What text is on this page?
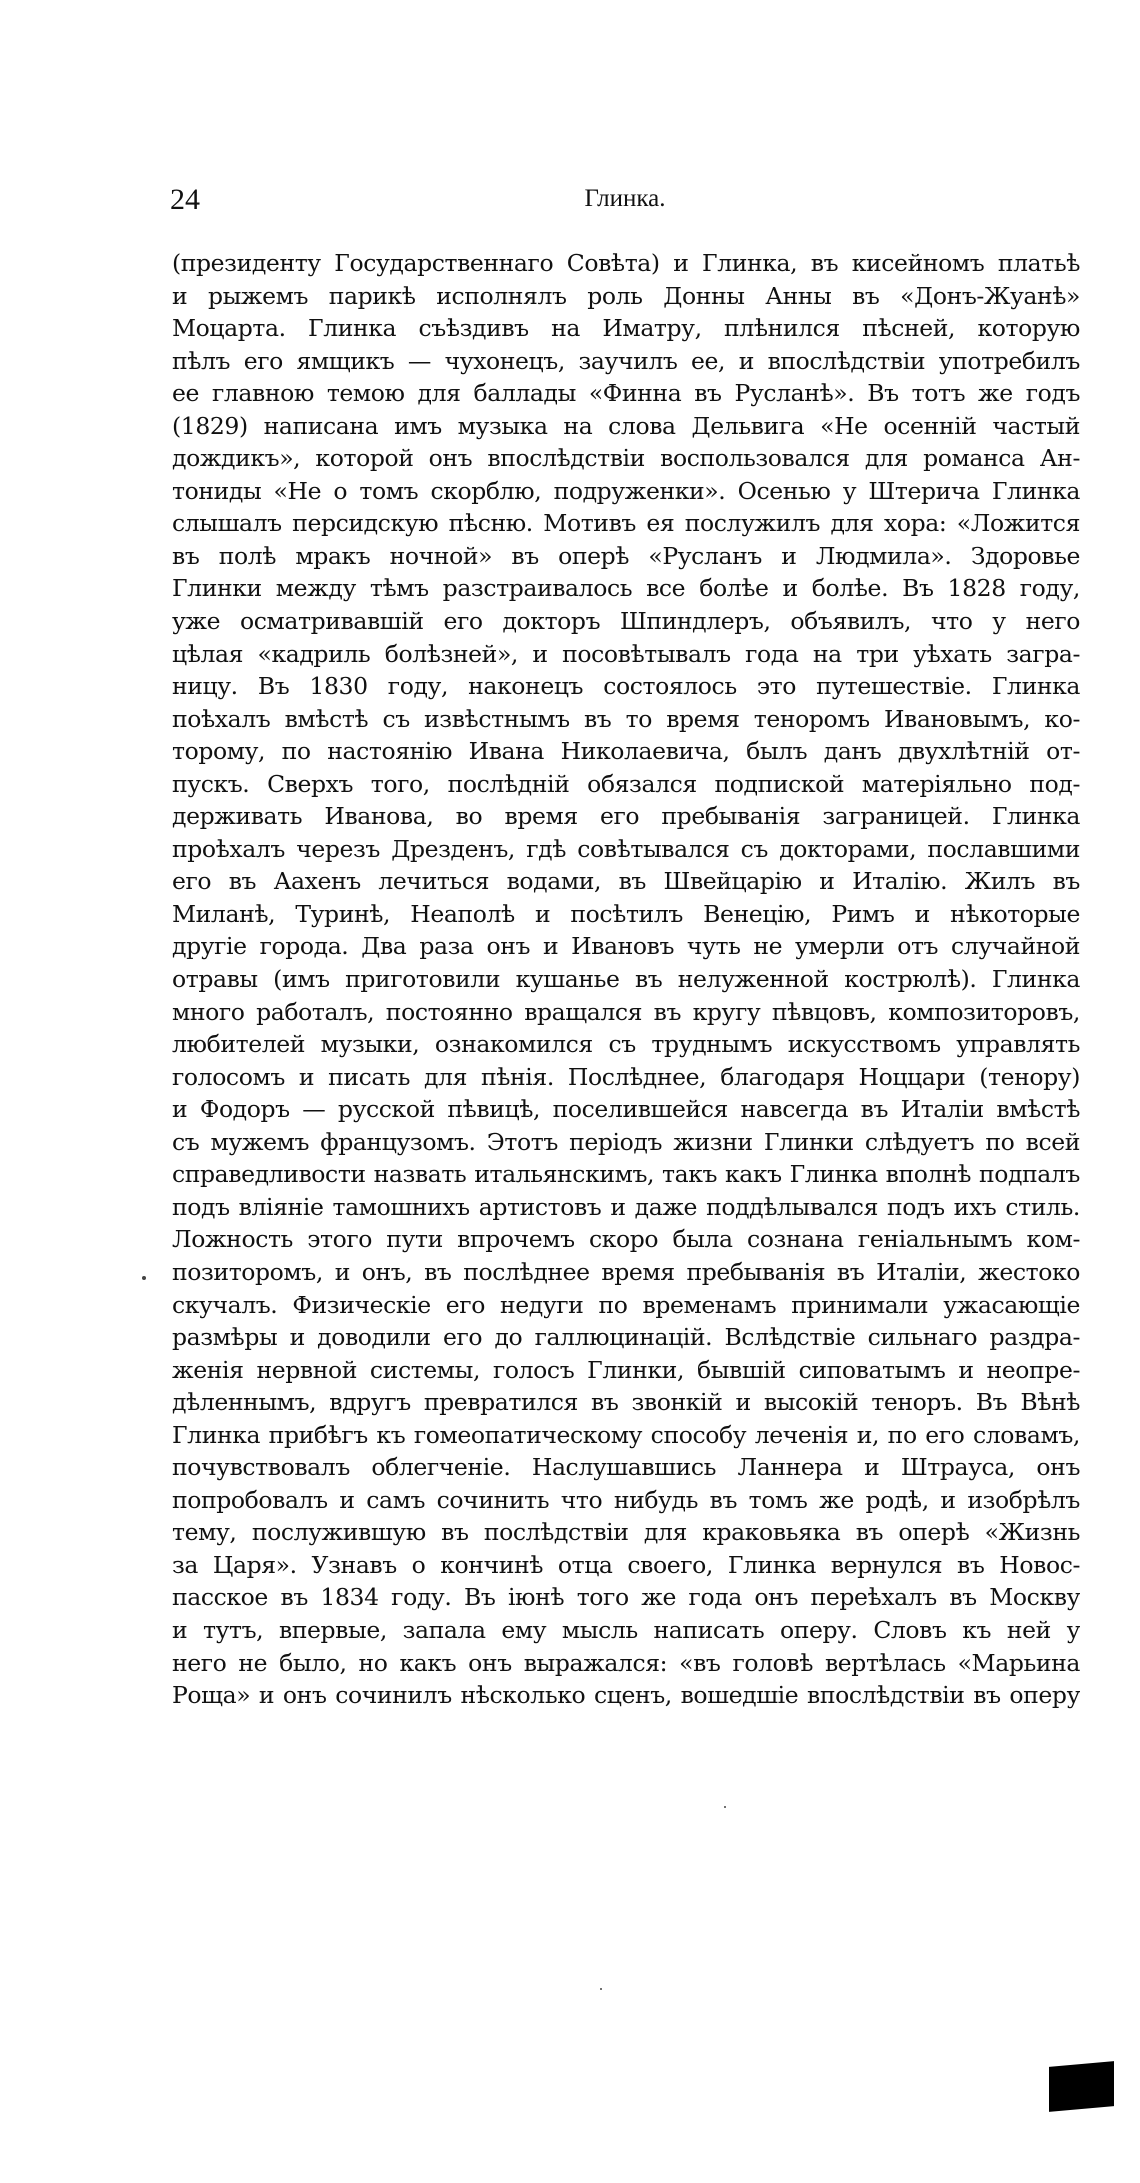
24	Глинка.
(президенту Государственнаго Совѣта) и Глинка, въ кисейномъ платьѣ
и рыжемъ парикѣ исполнялъ роль Донны Анны въ «Донъ-Жуанѣ»
Моцарта. Глинка съѣздивъ на Иматру, плѣнился пѣсней, которую
пѣлъ его ямщикъ — чухонецъ, заучилъ ее, и впослѣдствіи употребилъ
ее главною темою для баллады «Финна въ Русланѣ». Въ тотъ же годъ
(1829) написана имъ музыка на слова Дельвига «Не осенній частый
дождикъ», которой онъ впослѣдствіи воспользовался для романса Ан-
тониды «Не о томъ скорблю, подруженки». Осенью у Штерича Глинка
слышалъ персидскую пѣсню. Мотивъ ея послужилъ для хора: «Ложится
въ полѣ мракъ ночной» въ оперѣ «Русланъ и Людмила». Здоровье
Глинки между тѣмъ разстраивалось все болѣе и болѣе. Въ 1828 году,
уже осматривавшій его докторъ Шпиндлеръ, объявилъ, что у него
цѣлая «кадриль болѣзней», и посовѣтывалъ года на три уѣхать загра-
ницу. Въ 1830 году, наконецъ состоялось это путешествіе. Глинка
поѣхалъ вмѣстѣ съ извѣстнымъ въ то время теноромъ Ивановымъ, ко-
торому, по настоянію Ивана Николаевича, былъ данъ двухлѣтній от-
пускъ. Сверхъ того, послѣдній обязался подпиской матеріяльно под-
держивать Иванова, во время его пребыванія заграницей. Глинка
проѣхалъ черезъ Дрезденъ, гдѣ совѣтывался съ докторами, пославшими
его въ Аахенъ лечиться водами, въ Швейцарію и Италію. Жилъ въ
Миланѣ, Туринѣ, Неаполѣ и посѣтилъ Венецію, Римъ и нѣкоторые
другіе города. Два раза онъ и Ивановъ чуть не умерли отъ случайной
отравы (имъ приготовили кушанье въ нелуженной кострюлѣ). Глинка
много работалъ, постоянно вращался въ кругу пѣвцовъ, композиторовъ,
любителей музыки, ознакомился съ труднымъ искусствомъ управлять
голосомъ и писать для пѣнія. Послѣднее, благодаря Ноццари (тенору)
и Фодоръ — русской пѣвицѣ, поселившейся навсегда въ Италіи вмѣстѣ
съ мужемъ французомъ. Этотъ періодъ жизни Глинки слѣдуетъ по всей
справедливости назвать итальянскимъ, такъ какъ Глинка вполнѣ подпалъ
подъ вліяніе тамошнихъ артистовъ и даже поддѣлывался подъ ихъ стиль.
Ложность этого пути впрочемъ скоро была сознана геніальнымъ ком-
позиторомъ, и онъ, въ послѣднее время пребыванія въ Италіи, жестоко
скучалъ. Физическіе его недуги по временамъ принимали ужасающіе
размѣры и доводили его до галлюцинацій. Вслѣдствіе сильнаго раздра-
женія нервной системы, голосъ Глинки, бывшій сиповатымъ и неопре-
дѣленнымъ, вдругъ превратился въ звонкій и высокій теноръ. Въ Вѣнѣ
Глинка прибѣгъ къ гомеопатическому способу леченія и, по его словамъ,
почувствовалъ облегченіе. Наслушавшись Ланнера и Штрауса, онъ
попробовалъ и самъ сочинить что нибудь въ томъ же родѣ, и изобрѣлъ
тему, послужившую въ послѣдствіи для краковьяка въ оперѣ «Жизнь
за Царя». Узнавъ о кончинѣ отца своего, Глинка вернулся въ Новос-
пасское въ 1834 году. Въ іюнѣ того же года онъ переѣхалъ въ Москву
и тутъ, впервые, запала ему мысль написать оперу. Словъ къ ней у
него не было, но какъ онъ выражался: «въ головѣ вертѣлась «Марьина
Роща» и онъ сочинилъ нѣсколько сценъ, вошедшіе впослѣдствіи въ оперу
